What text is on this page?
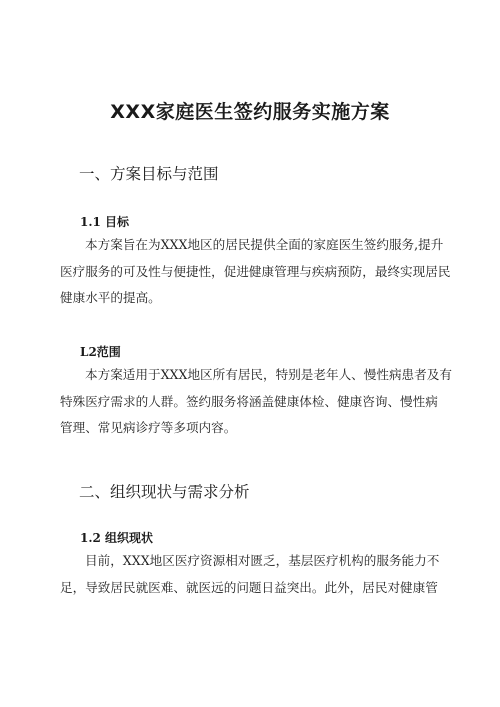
XXX家庭医生签约服务实施方案
一、方案目标与范围
1.1 目标
本方案旨在为XXX地区的居民提供全面的家庭医生签约服务,提升
医疗服务的可及性与便捷性，促进健康管理与疾病预防，最终实现居民
健康水平的提高。
L2范围
本方案适用于XXX地区所有居民，特别是老年人、慢性病患者及有
特殊医疗需求的人群。签约服务将涵盖健康体检、健康咨询、慢性病
管理、常见病诊疗等多项内容。
二、组织现状与需求分析
1.2 组织现状
目前，XXX地区医疗资源相对匮乏，基层医疗机构的服务能力不
足，导致居民就医难、就医远的问题日益突出。此外，居民对健康管
